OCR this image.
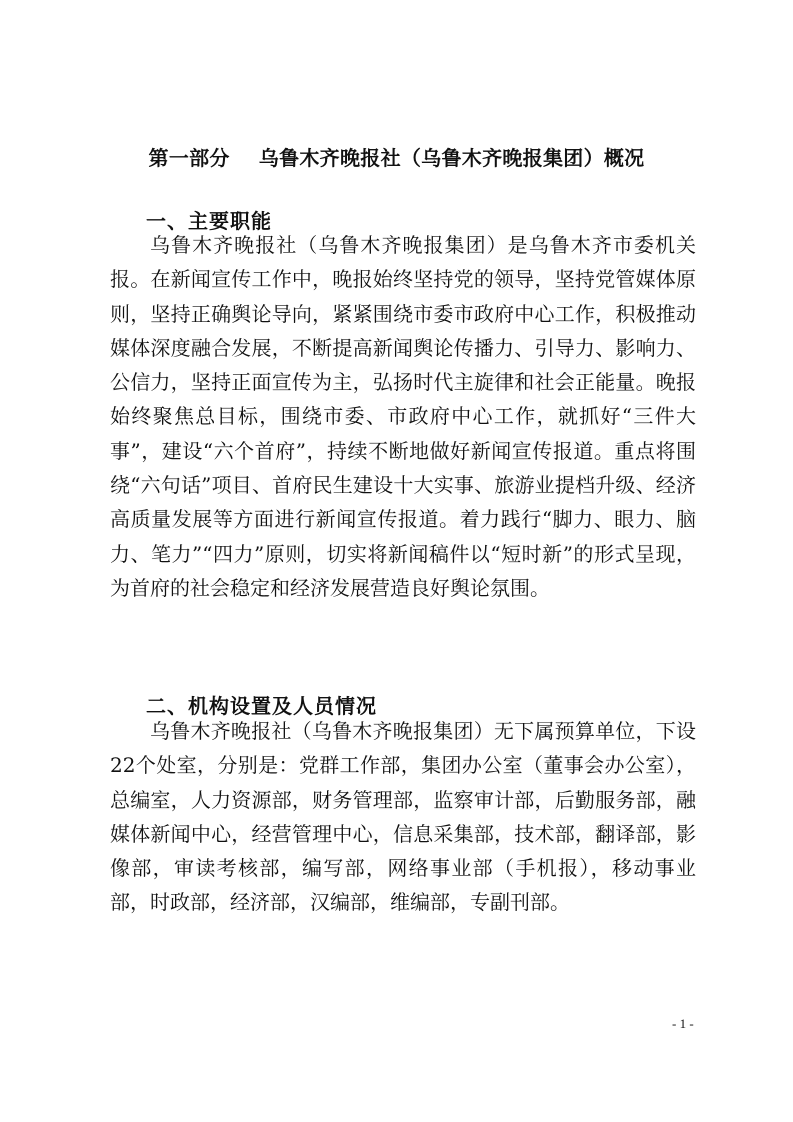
第一部分    乌鲁木齐晚报社（乌鲁木齐晚报集团）概况
一、主要职能

乌鲁木齐晚报社（乌鲁木齐晚报集团）是乌鲁木齐市委机关报。在新闻宣传工作中，晚报始终坚持党的领导，坚持党管媒体原则，坚持正确舆论导向，紧紧围绕市委市政府中心工作，积极推动媒体深度融合发展，不断提高新闻舆论传播力、引导力、影响力、公信力，坚持正面宣传为主，弘扬时代主旋律和社会正能量。晚报始终聚焦总目标，围绕市委、市政府中心工作，就抓好“三件大事”，建设“六个首府”，持续不断地做好新闻宣传报道。重点将围绕“六句话”项目、首府民生建设十大实事、旅游业提档升级、经济高质量发展等方面进行新闻宣传报道。着力践行“脚力、眼力、脑力、笔力”“四力”原则，切实将新闻稿件以“短时新”的形式呈现，为首府的社会稳定和经济发展营造良好舆论氛围。

二、机构设置及人员情况

乌鲁木齐晚报社（乌鲁木齐晚报集团）无下属预算单位，下设22个处室，分别是：党群工作部，集团办公室（董事会办公室），总编室，人力资源部，财务管理部，监察审计部，后勤服务部，融媒体新闻中心，经营管理中心，信息采集部，技术部，翻译部，影像部，审读考核部，编写部，网络事业部（手机报），移动事业部，时政部，经济部，汉编部，维编部，专副刊部。

- 1 -
